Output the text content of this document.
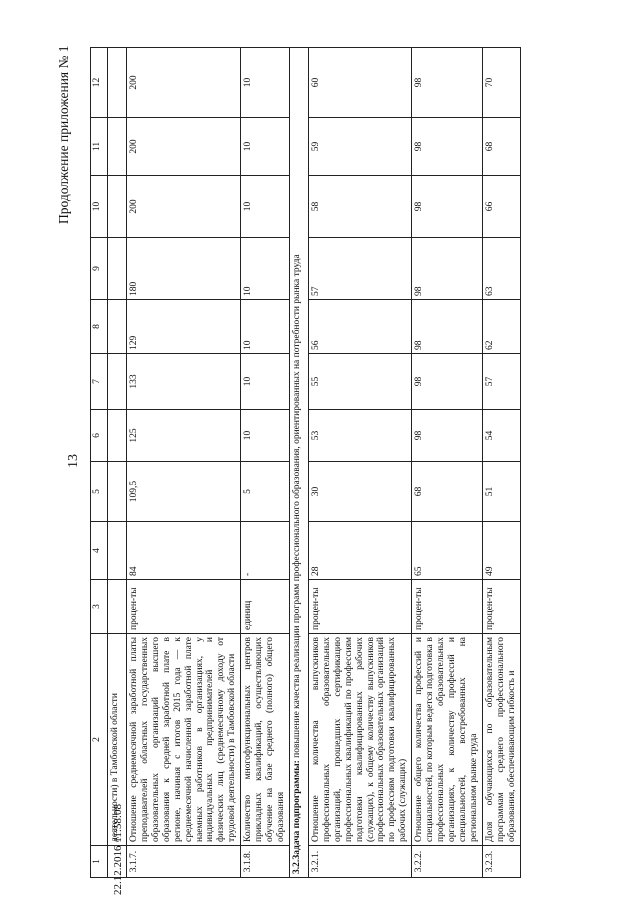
13
Продолжение приложения № 1
1	2	3	4	5	6	7	8	9	10	11	12
	деятельности) в Тамбовской области										
3.1.7.	Отношение среднемесячной заработной платы преподавателей областных государственных образовательных организаций высшего образования к средней заработной плате в регионе, начиная с итогов 2015 года — к среднемесячной начисленной заработной плате наемных работников в организациях, у индивидуальных предпринимателей и физических лиц (среднемесячному доходу от трудовой деятельности) в Тамбовской области	процен-ты	84	109,5	125	133	129	180	200	200	200
3.1.8.	Количество многофункциональных центров прикладных квалификаций, осуществляющих обучение на базе среднего (полного) общего образования	единиц	-	5	10	10	10	10	10	10	10
3.2.Задача подпрограммы: повышение качества реализации программ профессионального образования, ориентированных на потребности рынка труда											
3.2.1.	Отношение количества выпускников профессиональных образовательных организаций, прошедших сертификацию профессиональных квалификаций по профессиям подготовки квалифицированных рабочих (служащих), к общему количеству выпускников профессиональных образовательных организаций по профессиям подготовки квалифицированных рабочих (служащих)	процен-ты	28	30	53	55	56	57	58	59	60
3.2.2.	Отношение общего количества профессий и специальностей, по которым ведется подготовка в профессиональных образовательных организациях, к количеству профессий и специальностей, востребованных на региональном рынке труда	процен-ты	65	68	98	98	98	98	98	98	98
3.2.3.	Доля обучающихся по образовательным программам среднего профессионального образования, обеспечивающим гибкость и	процен-ты	49	51	54	57	62	63	66	68	70
22.12.2016 11:58:08
